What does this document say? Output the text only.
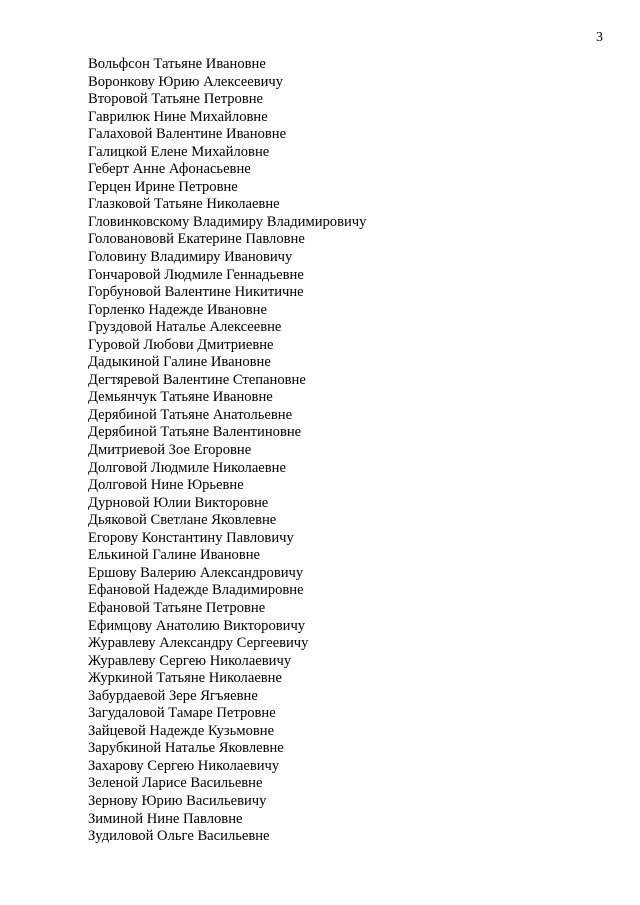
3
Вольфсон Татьяне Ивановне
Воронкову Юрию Алексеевичу
Второвой Татьяне Петровне
Гаврилюк Нине Михайловне
Галаховой Валентине Ивановне
Галицкой Елене Михайловне
Геберт Анне Афонасьевне
Герцен Ирине Петровне
Глазковой Татьяне Николаевне
Гловинковскому Владимиру Владимировичу
Голованововй Екатерине Павловне
Головину Владимиру Ивановичу
Гончаровой Людмиле Геннадьевне
Горбуновой Валентине Никитичне
Горленко Надежде Ивановне
Груздовой Наталье Алексеевне
Гуровой Любови Дмитриевне
Дадыкиной Галине Ивановне
Дегтяревой Валентине Степановне
Демьянчук Татьяне Ивановне
Дерябиной Татьяне Анатольевне
Дерябиной Татьяне Валентиновне
Дмитриевой Зое Егоровне
Долговой Людмиле Николаевне
Долговой Нине Юрьевне
Дурновой Юлии Викторовне
Дьяковой Светлане Яковлевне
Егорову Константину Павловичу
Елькиной Галине Ивановне
Ершову Валерию Александровичу
Ефановой Надежде Владимировне
Ефановой Татьяне Петровне
Ефимцову Анатолию Викторовичу
Журавлеву Александру Сергеевичу
Журавлеву Сергею Николаевичу
Журкиной Татьяне Николаевне
Забурдаевой Зере Ягъяевне
Загудаловой Тамаре Петровне
Зайцевой Надежде Кузьмовне
Зарубкиной Наталье Яковлевне
Захарову Сергею Николаевичу
Зеленой Ларисе Васильевне
Зернову Юрию Васильевичу
Зиминой Нине Павловне
Зудиловой Ольге Васильевне
